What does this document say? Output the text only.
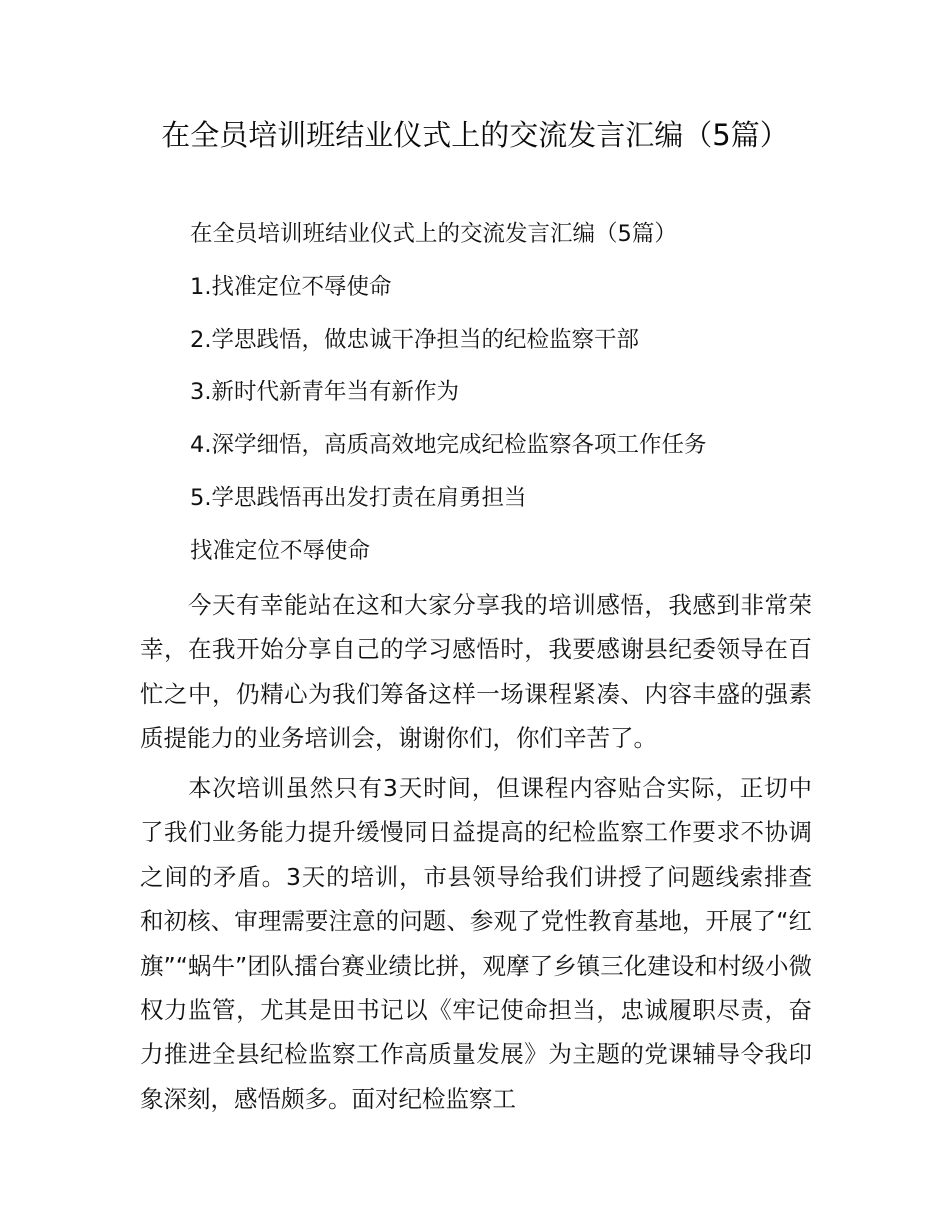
在全员培训班结业仪式上的交流发言汇编（5篇）

在全员培训班结业仪式上的交流发言汇编（5篇）

1.找准定位不辱使命

2.学思践悟，做忠诚干净担当的纪检监察干部

3.新时代新青年当有新作为

4.深学细悟，高质高效地完成纪检监察各项工作任务

5.学思践悟再出发打责在肩勇担当

找准定位不辱使命

今天有幸能站在这和大家分享我的培训感悟，我感到非常荣幸，在我开始分享自己的学习感悟时，我要感谢县纪委领导在百忙之中，仍精心为我们筹备这样一场课程紧凑、内容丰盛的强素质提能力的业务培训会，谢谢你们，你们辛苦了。

本次培训虽然只有3天时间，但课程内容贴合实际，正切中了我们业务能力提升缓慢同日益提高的纪检监察工作要求不协调之间的矛盾。3天的培训，市县领导给我们讲授了问题线索排查和初核、审理需要注意的问题、参观了党性教育基地，开展了“红旗”“蜗牛”团队擂台赛业绩比拼，观摩了乡镇三化建设和村级小微权力监管，尤其是田书记以《牢记使命担当，忠诚履职尽责，奋力推进全县纪检监察工作高质量发展》为主题的党课辅导令我印象深刻，感悟颇多。面对纪检监察工
